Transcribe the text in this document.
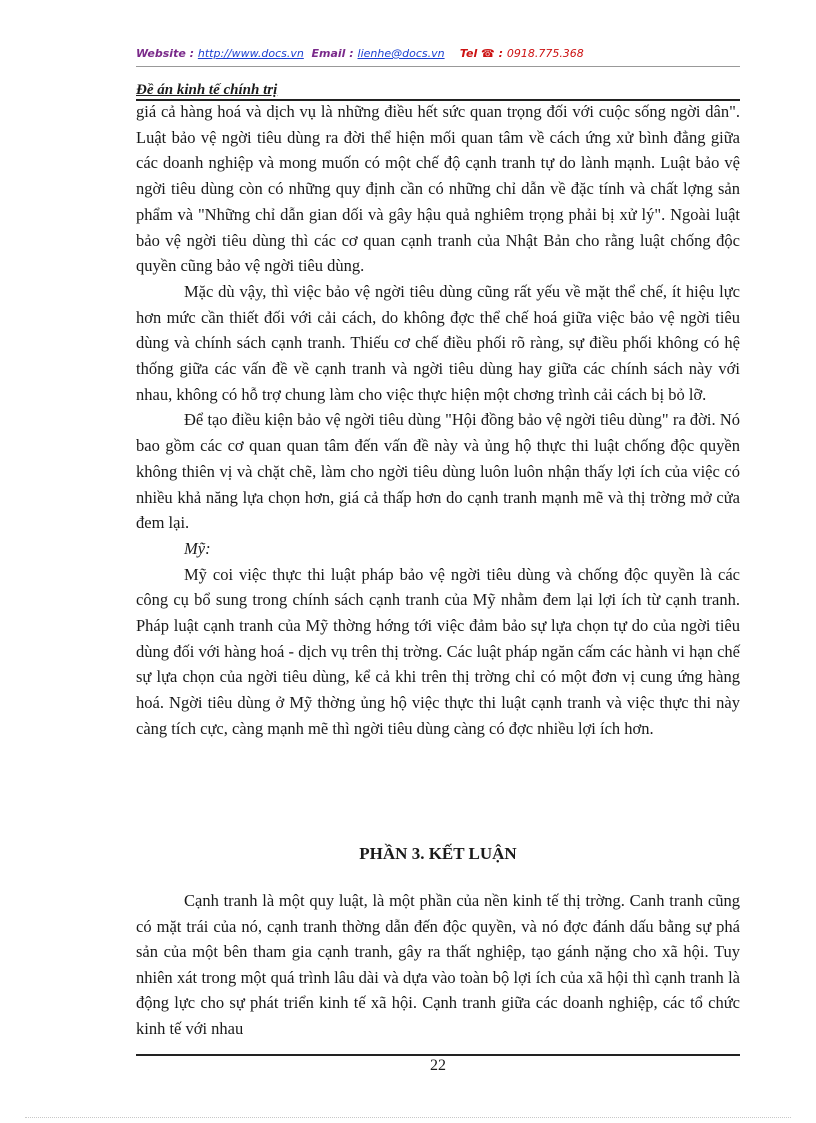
Website : http://www.docs.vn Email : lienhe@docs.vn Tel ☎ : 0918.775.368
Đề án kinh tế chính trị

giá cả hàng hoá và dịch vụ là những điều hết sức quan trọng đối với cuộc sống ngời dân". Luật bảo vệ ngời tiêu dùng ra đời thể hiện mối quan tâm về cách ứng xử bình đẳng giữa các doanh nghiệp và mong muốn có một chế độ cạnh tranh tự do lành mạnh. Luật bảo vệ ngời tiêu dùng còn có những quy định cần có những chỉ dẫn về đặc tính và chất lợng sản phẩm và "Những chỉ dẫn gian dối và gây hậu quả nghiêm trọng phải bị xử lý". Ngoài luật bảo vệ ngời tiêu dùng thì các cơ quan cạnh tranh của Nhật Bản cho rằng luật chống độc quyền cũng bảo vệ ngời tiêu dùng.

Mặc dù vậy, thì việc bảo vệ ngời tiêu dùng cũng rất yếu về mặt thể chế, ít hiệu lực hơn mức cần thiết đối với cải cách, do không đợc thể chế hoá giữa việc bảo vệ ngời tiêu dùng và chính sách cạnh tranh. Thiếu cơ chế điều phối rõ ràng, sự điều phối không có hệ thống giữa các vấn đề về cạnh tranh và ngời tiêu dùng hay giữa các chính sách này với nhau, không có hỗ trợ chung làm cho việc thực hiện một chơng trình cải cách bị bỏ lỡ.

Để tạo điều kiện bảo vệ ngời tiêu dùng "Hội đồng bảo vệ ngời tiêu dùng" ra đời. Nó bao gồm các cơ quan quan tâm đến vấn đề này và ủng hộ thực thi luật chống độc quyền không thiên vị và chặt chẽ, làm cho ngời tiêu dùng luôn luôn nhận thấy lợi ích của việc có nhiều khả năng lựa chọn hơn, giá cả thấp hơn do cạnh tranh mạnh mẽ và thị trờng mở cửa đem lại.

Mỹ:

Mỹ coi việc thực thi luật pháp bảo vệ ngời tiêu dùng và chống độc quyền là các công cụ bổ sung trong chính sách cạnh tranh của Mỹ nhằm đem lại lợi ích từ cạnh tranh. Pháp luật cạnh tranh của Mỹ thờng hớng tới việc đảm bảo sự lựa chọn tự do của ngời tiêu dùng đối với hàng hoá - dịch vụ trên thị trờng. Các luật pháp ngăn cấm các hành vi hạn chế sự lựa chọn của ngời tiêu dùng, kể cả khi trên thị trờng chỉ có một đơn vị cung ứng hàng hoá. Ngời tiêu dùng ở Mỹ thờng ủng hộ việc thực thi luật cạnh tranh và việc thực thi này càng tích cực, càng mạnh mẽ thì ngời tiêu dùng càng có đợc nhiều lợi ích hơn.

PHẦN 3. KẾT LUẬN

Cạnh tranh là một quy luật, là một phần của nền kinh tế thị trờng. Canh tranh cũng có mặt trái của nó, cạnh tranh thờng dẫn đến độc quyền, và nó đợc đánh dấu bằng sự phá sản của một bên tham gia cạnh tranh, gây ra thất nghiệp, tạo gánh nặng cho xã hội. Tuy nhiên xát trong một quá trình lâu dài và dựa vào toàn bộ lợi ích của xã hội thì cạnh tranh là động lực cho sự phát triển kinh tế xã hội. Cạnh tranh giữa các doanh nghiệp, các tổ chức kinh tế với nhau

22
